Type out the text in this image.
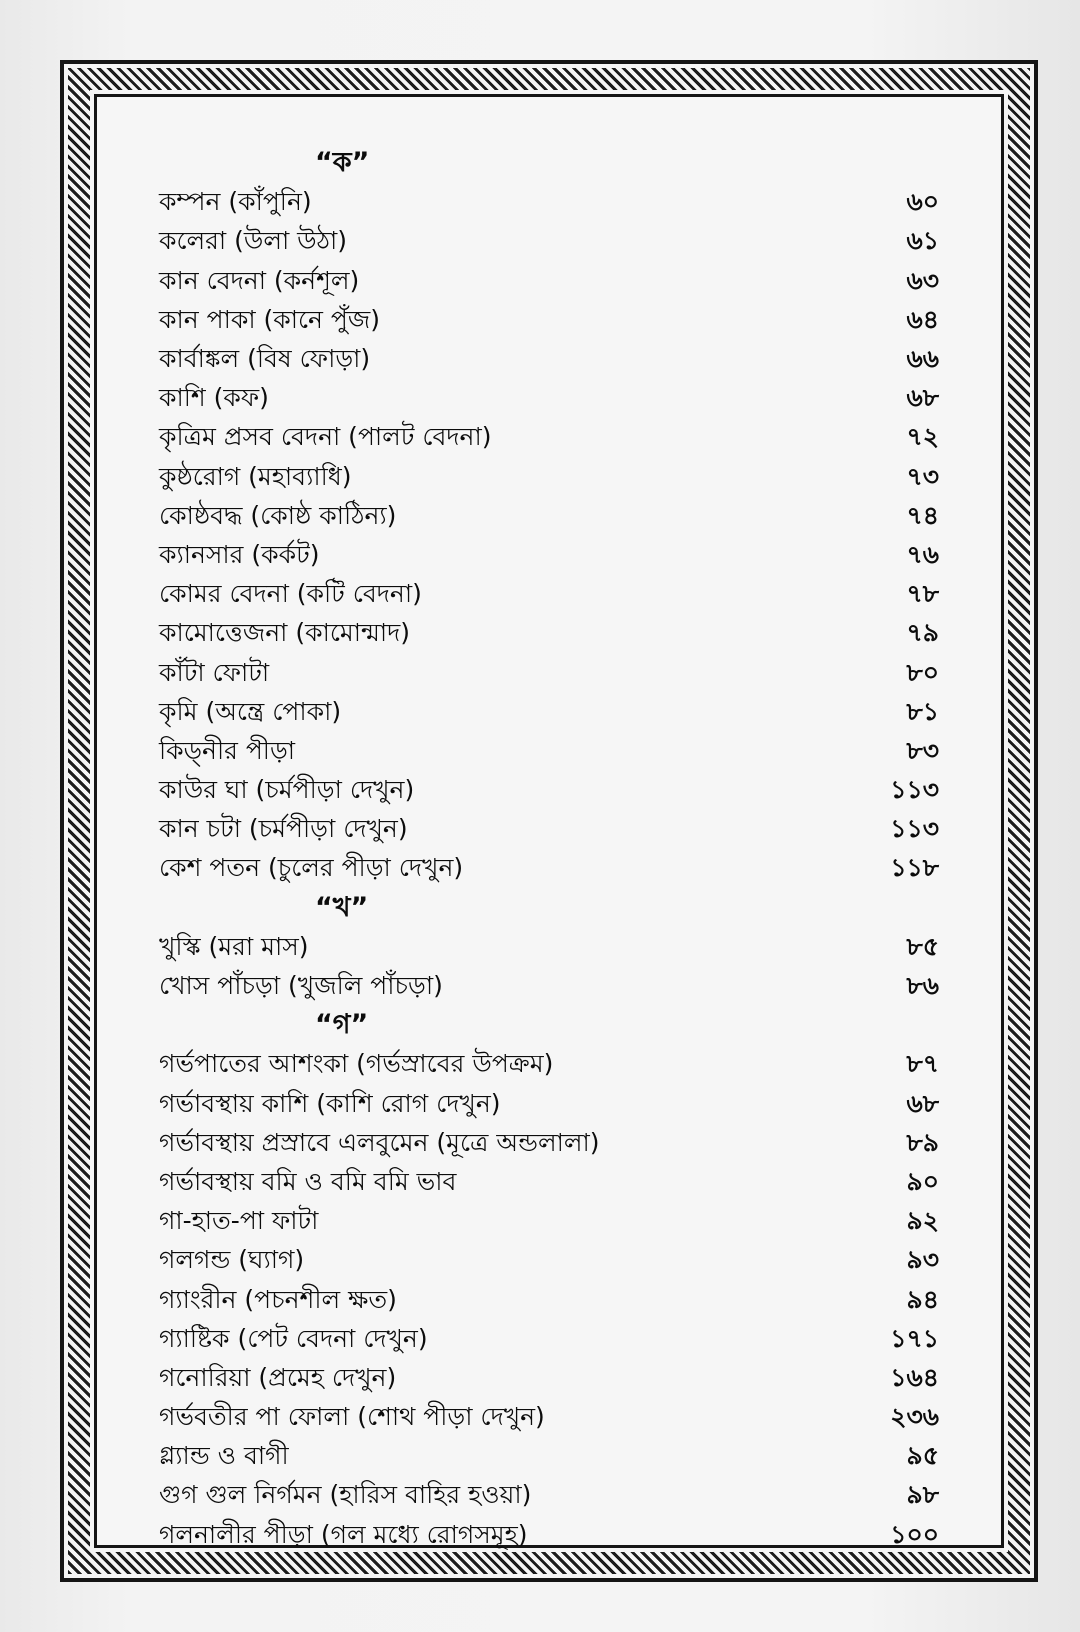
“ক”
কম্পন (কাঁপুনি)	৬০
কলেরা (উলা উঠা)	৬১
কান বেদনা (কর্নশূল)	৬৩
কান পাকা (কানে পুঁজ)	৬৪
কার্বাঙ্কল (বিষ ফোড়া)	৬৬
কাশি (কফ)	৬৮
কৃত্রিম প্রসব বেদনা (পালট বেদনা)	৭২
কুষ্ঠরোগ (মহাব্যাধি)	৭৩
কোষ্ঠবদ্ধ (কোষ্ঠ কাঠিন্য)	৭৪
ক্যানসার (কর্কট)	৭৬
কোমর বেদনা (কটি বেদনা)	৭৮
কামোত্তেজনা (কামোন্মাদ)	৭৯
কাঁটা ফোটা	৮০
কৃমি (অন্ত্রে পোকা)	৮১
কিড্নীর পীড়া	৮৩
কাউর ঘা (চর্মপীড়া দেখুন)	১১৩
কান চটা (চর্মপীড়া দেখুন)	১১৩
কেশ পতন (চুলের পীড়া দেখুন)	১১৮
“খ”
খুস্কি (মরা মাস)	৮৫
খোস পাঁচড়া (খুজলি পাঁচড়া)	৮৬
“গ”
গর্ভপাতের আশংকা (গর্ভস্রাবের উপক্রম)	৮৭
গর্ভাবস্থায় কাশি (কাশি রোগ দেখুন)	৬৮
গর্ভাবস্থায় প্রস্রাবে এলবুমেন (মূত্রে অন্ডলালা)	৮৯
গর্ভাবস্থায় বমি ও বমি বমি ভাব	৯০
গা-হাত-পা ফাটা	৯২
গলগন্ড (ঘ্যাগ)	৯৩
গ্যাংরীন (পচনশীল ক্ষত)	৯৪
গ্যাষ্টিক (পেট বেদনা দেখুন)	১৭১
গনোরিয়া (প্রমেহ দেখুন)	১৬৪
গর্ভবতীর পা ফোলা (শোথ পীড়া দেখুন)	২৩৬
গ্ল্যান্ড ও বাগী	৯৫
গুগ গুল নির্গমন (হারিস বাহির হওয়া)	৯৮
গলনালীর পীড়া (গল মধ্যে রোগসমূহ)	১০০
